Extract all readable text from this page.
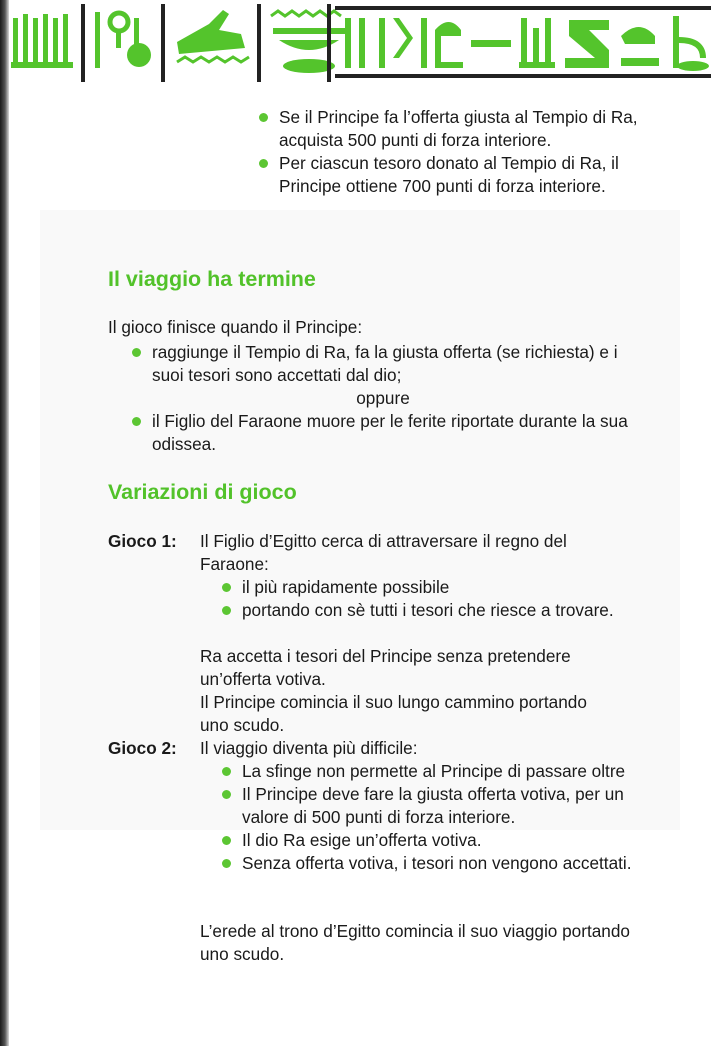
Se il Principe fa l’offerta giusta al Tempio di Ra, acquista 500 punti di forza interiore.
Per ciascun tesoro donato al Tempio di Ra, il Principe ottiene 700 punti di forza interiore.
Il viaggio ha termine
Il gioco finisce quando il Principe:
raggiunge il Tempio di Ra, fa la giusta offerta (se richiesta) e i suoi tesori sono accettati dal dio;
oppure
il Figlio del Faraone muore per le ferite riportate durante la sua odissea.
Variazioni di gioco
Gioco 1: Il Figlio d’Egitto cerca di attraversare il regno del Faraone:
il più rapidamente possibile
portando con sè tutti i tesori che riesce a trovare.
Ra accetta i tesori del Principe senza pretendere un’offerta votiva.
Il Principe comincia il suo lungo cammino portando uno scudo.
Gioco 2: Il viaggio diventa più difficile:
La sfinge non permette al Principe di passare oltre
Il Principe deve fare la giusta offerta votiva, per un valore di 500 punti di forza interiore.
Il dio Ra esige un’offerta votiva.
Senza offerta votiva, i tesori non vengono accettati.
L’erede al trono d’Egitto comincia il suo viaggio portando uno scudo.
